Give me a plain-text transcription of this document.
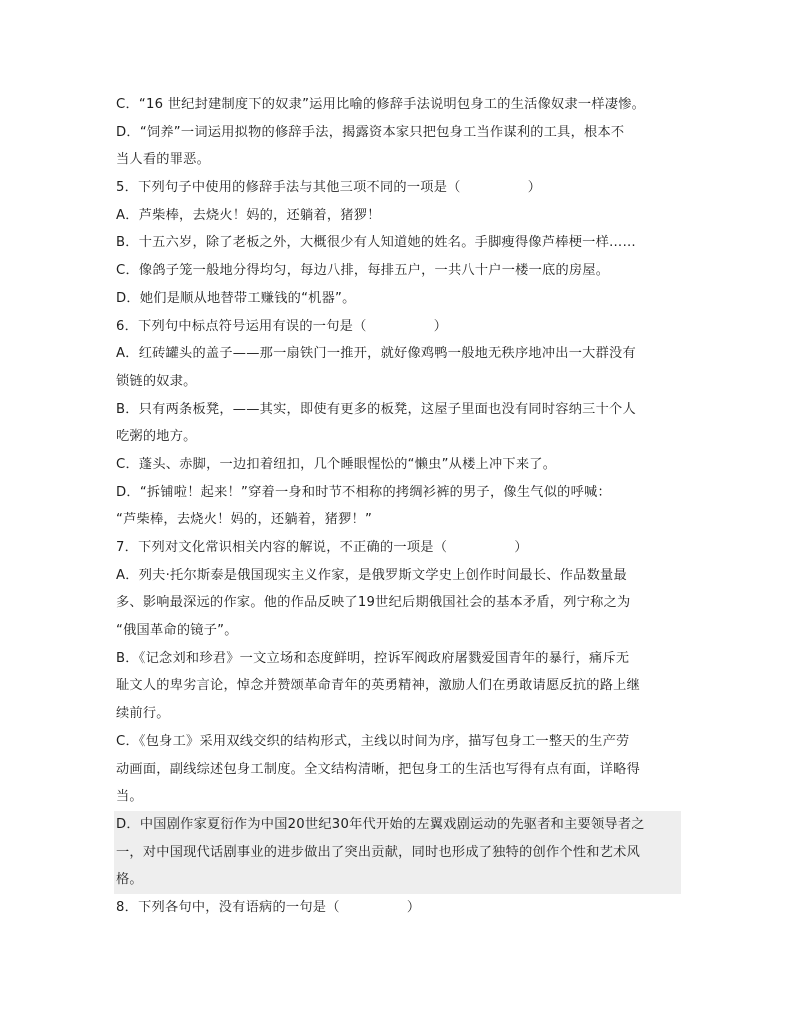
C．“16 世纪封建制度下的奴隶”运用比喻的修辞手法说明包身工的生活像奴隶一样凄惨。
D．“饲养”一词运用拟物的修辞手法，揭露资本家只把包身工当作谋利的工具，根本不
当人看的罪恶。
5．下列句子中使用的修辞手法与其他三项不同的一项是（　　　　　）
A．芦柴棒，去烧火！妈的，还躺着，猪猡！
B．十五六岁，除了老板之外，大概很少有人知道她的姓名。手脚瘦得像芦棒梗一样……
C．像鸽子笼一般地分得均匀，每边八排，每排五户，一共八十户一楼一底的房屋。
D．她们是顺从地替带工赚钱的“机器”。
6．下列句中标点符号运用有误的一句是（　　　　　）
A．红砖罐头的盖子——那一扇铁门一推开，就好像鸡鸭一般地无秩序地冲出一大群没有
锁链的奴隶。
B．只有两条板凳，——其实，即使有更多的板凳，这屋子里面也没有同时容纳三十个人
吃粥的地方。
C．蓬头、赤脚，一边扣着纽扣，几个睡眼惺忪的“懒虫”从楼上冲下来了。
D．“拆铺啦！起来！”穿着一身和时节不相称的拷绸衫裤的男子，像生气似的呼喊：
“芦柴棒，去烧火！妈的，还躺着，猪猡！”
7．下列对文化常识相关内容的解说，不正确的一项是（　　　　　）
A．列夫·托尔斯泰是俄国现实主义作家，是俄罗斯文学史上创作时间最长、作品数量最
多、影响最深远的作家。他的作品反映了19世纪后期俄国社会的基本矛盾，列宁称之为
“俄国革命的镜子”。
B．《记念刘和珍君》一文立场和态度鲜明，控诉军阀政府屠戮爱国青年的暴行，痛斥无
耻文人的卑劣言论，悼念并赞颂革命青年的英勇精神，激励人们在勇敢请愿反抗的路上继
续前行。
C．《包身工》采用双线交织的结构形式，主线以时间为序，描写包身工一整天的生产劳
动画面，副线综述包身工制度。全文结构清晰，把包身工的生活也写得有点有面，详略得
当。
D．中国剧作家夏衍作为中国20世纪30年代开始的左翼戏剧运动的先驱者和主要领导者之
一，对中国现代话剧事业的进步做出了突出贡献，同时也形成了独特的创作个性和艺术风
格。
8．下列各句中，没有语病的一句是（　　　　　）
